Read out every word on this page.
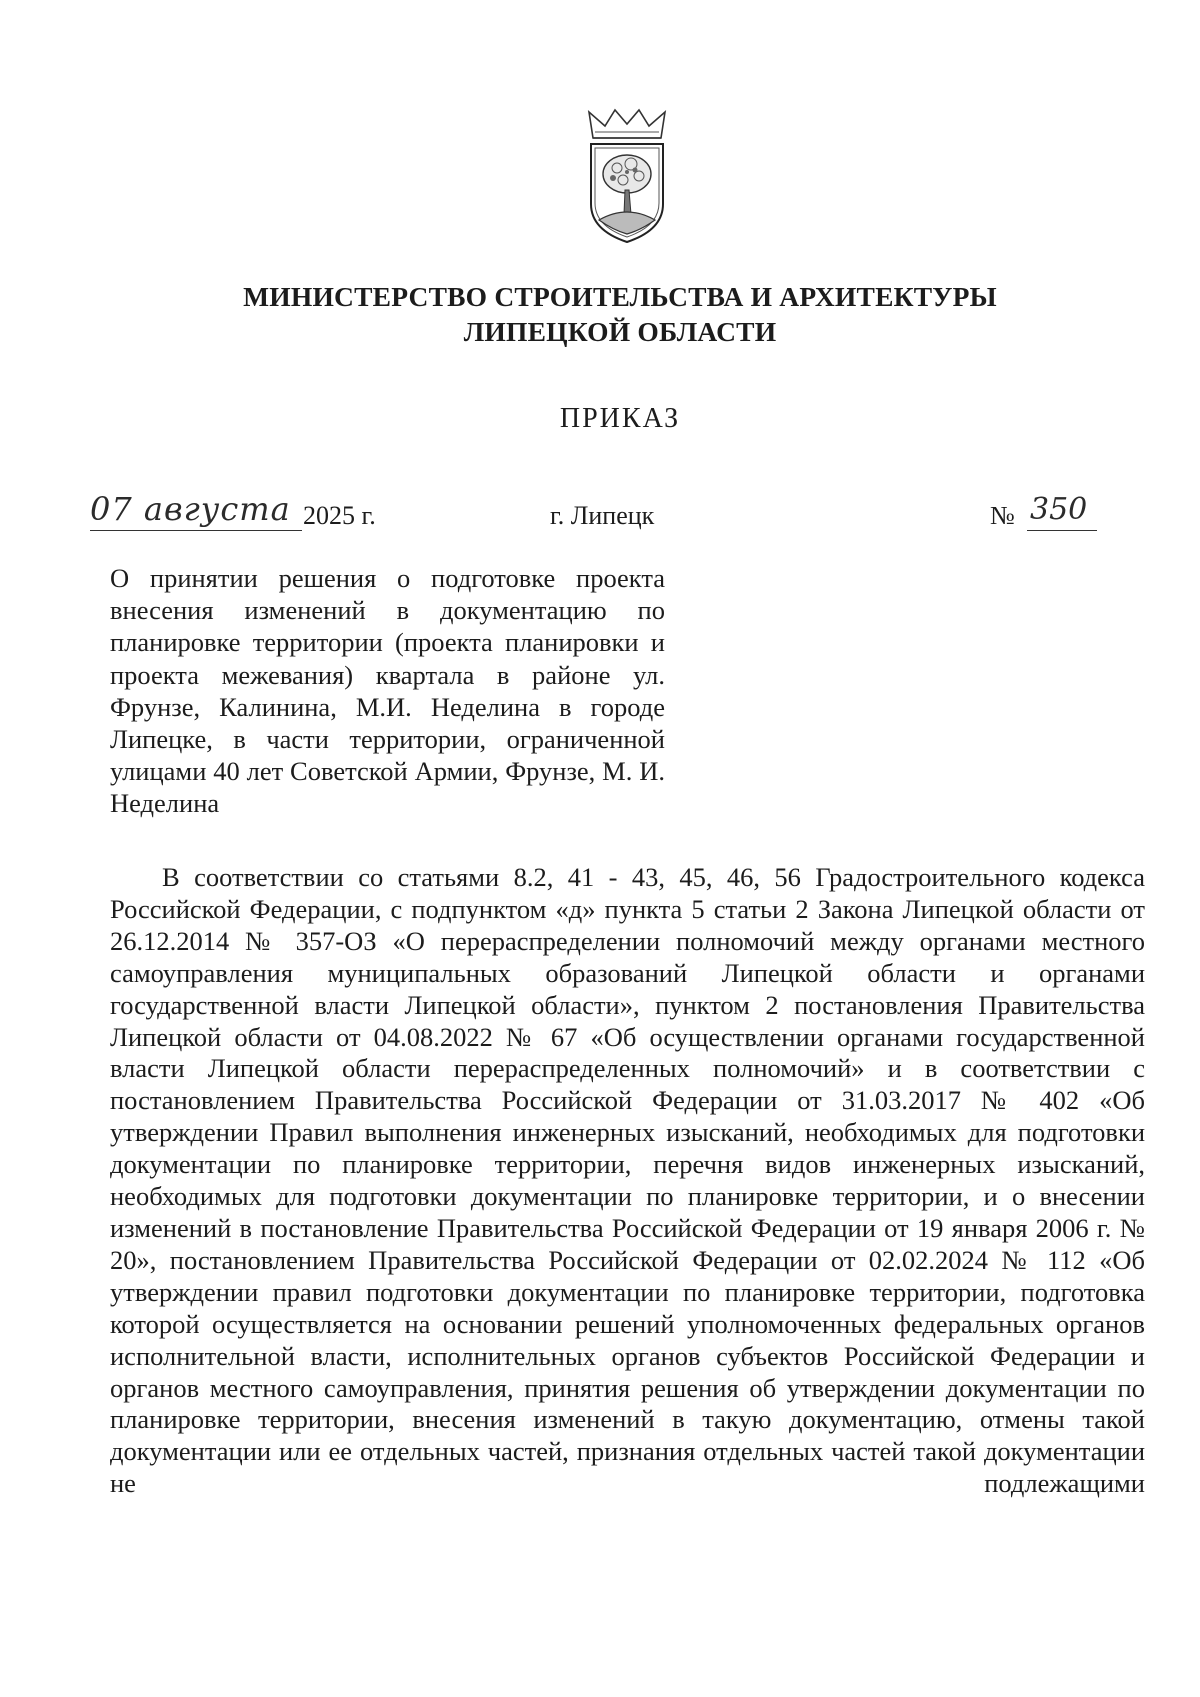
МИНИСТЕРСТВО СТРОИТЕЛЬСТВА И АРХИТЕКТУРЫ
ЛИПЕЦКОЙ ОБЛАСТИ
ПРИКАЗ
07 августа 2025 г.	г. Липецк	№ 350
О принятии решения о подготовке проекта внесения изменений в документацию по планировке территории (проекта планировки и проекта межевания) квартала в районе ул. Фрунзе, Калинина, М.И. Неделина в городе Липецке, в части территории, ограниченной улицами 40 лет Советской Армии, Фрунзе, М. И. Неделина
В соответствии со статьями 8.2, 41 - 43, 45, 46, 56 Градостроительного кодекса Российской Федерации, с подпунктом «д» пункта 5 статьи 2 Закона Липецкой области от 26.12.2014 № 357-ОЗ «О перераспределении полномочий между органами местного самоуправления муниципальных образований Липецкой области и органами государственной власти Липецкой области», пунктом 2 постановления Правительства Липецкой области от 04.08.2022 № 67 «Об осуществлении органами государственной власти Липецкой области перераспределенных полномочий» и в соответствии с постановлением Правительства Российской Федерации от 31.03.2017 № 402 «Об утверждении Правил выполнения инженерных изысканий, необходимых для подготовки документации по планировке территории, перечня видов инженерных изысканий, необходимых для подготовки документации по планировке территории, и о внесении изменений в постановление Правительства Российской Федерации от 19 января 2006 г. № 20», постановлением Правительства Российской Федерации от 02.02.2024 № 112 «Об утверждении правил подготовки документации по планировке территории, подготовка которой осуществляется на основании решений уполномоченных федеральных органов исполнительной власти, исполнительных органов субъектов Российской Федерации и органов местного самоуправления, принятия решения об утверждении документации по планировке территории, внесения изменений в такую документацию, отмены такой документации или ее отдельных частей, признания отдельных частей такой документации не подлежащими
